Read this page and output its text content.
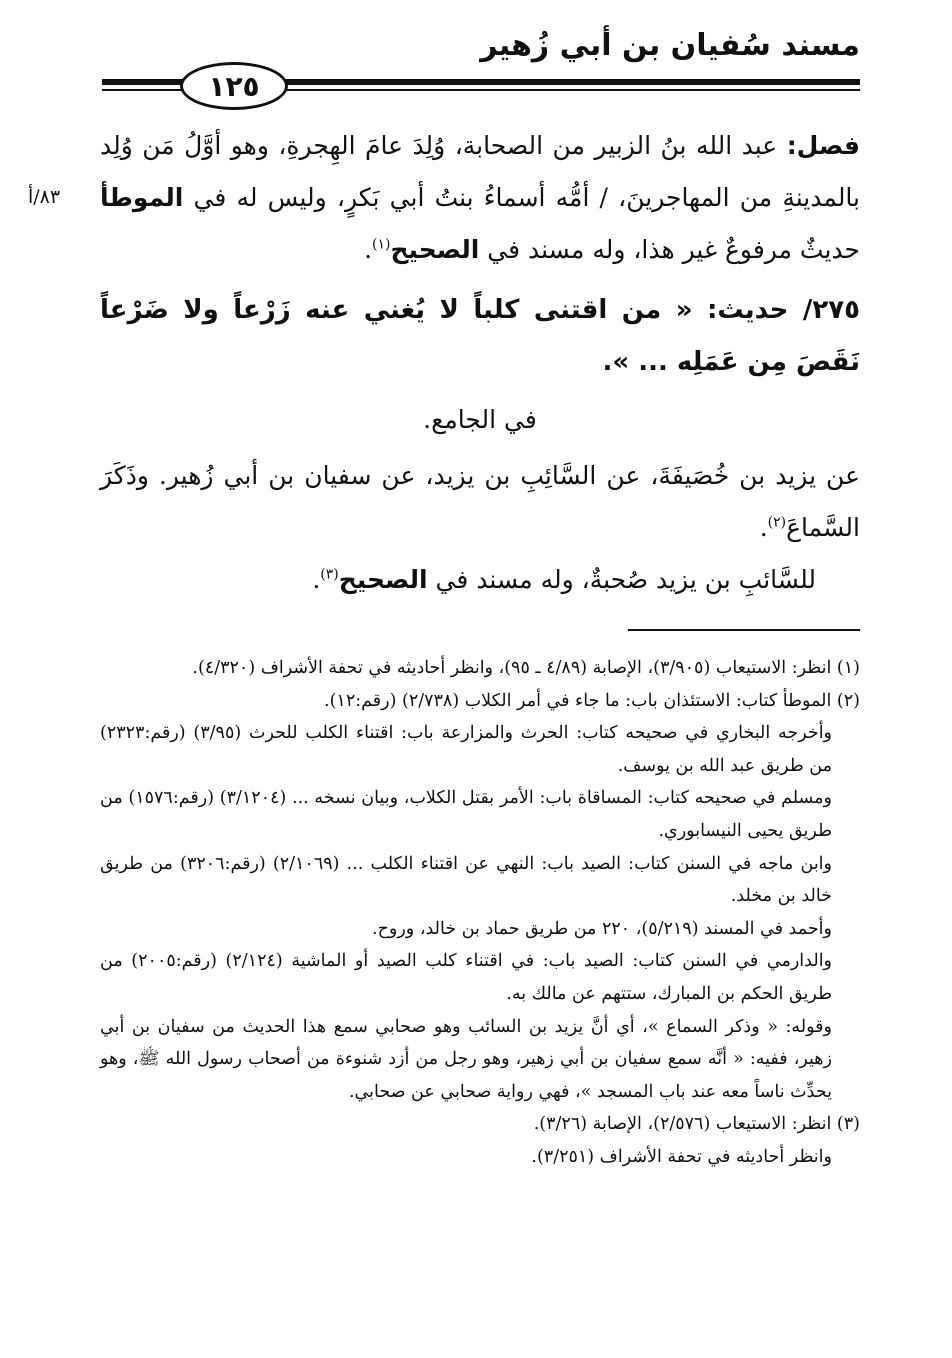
مسند سُفيان بن أبي زُهير
١٢٥
٨٣/أ

فصل: عبد الله بنُ الزبير من الصحابة، وُلِدَ عامَ الهِجرةِ، وهو أوَّلُ مَن وُلِد بالمدينةِ من المهاجرينَ، / أمُّه أسماءُ بنتُ أبي بَكرٍ، وليس له في الموطأ حديثٌ مرفوعٌ غير هذا، وله مسند في الصحيح$^{(١)}$.

٢٧٥/ حديث: « من اقتنى كلباً لا يُغني عنه زَرْعاً ولا ضَرْعاً نَقَصَ مِن عَمَلِه ... ».

في الجامع.

عن يزيد بن خُصَيفَةَ، عن السَّائِبِ بن يزيد، عن سفيان بن أبي زُهير. وذَكَرَ السَّماعَ$^{(٢)}$.

للسَّائبِ بن يزيد صُحبةٌ، وله مسند في الصحيح$^{(٣)}$.

(١) انظر: الاستيعاب (٣/٩٠٥)، الإصابة (٤/٨٩ ـ ٩٥)، وانظر أحاديثه في تحفة الأشراف (٤/٣٢٠).

(٢) الموطأ كتاب: الاستئذان باب: ما جاء في أمر الكلاب (٢/٧٣٨) (رقم:١٢).

وأخرجه البخاري في صحيحه كتاب: الحرث والمزارعة باب: اقتناء الكلب للحرث (٣/٩٥) (رقم:٢٣٢٣) من طريق عبد الله بن يوسف.

ومسلم في صحيحه كتاب: المساقاة باب: الأمر بقتل الكلاب، وبيان نسخه ... (٣/١٢٠٤) (رقم:١٥٧٦) من طريق يحيى النيسابوري.

وابن ماجه في السنن كتاب: الصيد باب: النهي عن اقتناء الكلب ... (٢/١٠٦٩) (رقم:٣٢٠٦) من طريق خالد بن مخلد.

وأحمد في المسند (٥/٢١٩)، ٢٢٠ من طريق حماد بن خالد، وروح.

والدارمي في السنن كتاب: الصيد باب: في اقتناء كلب الصيد أو الماشية (٢/١٢٤) (رقم:٢٠٠٥) من طريق الحكم بن المبارك، ستتهم عن مالك به.

وقوله: « وذكر السماع »، أي أنَّ يزيد بن السائب وهو صحابي سمع هذا الحديث من سفيان بن أبي زهير، ففيه: « أنَّه سمع سفيان بن أبي زهير، وهو رجل من أزد شنوءة من أصحاب رسول الله ﷺ، وهو يحدِّث ناساً معه عند باب المسجد »، فهي رواية صحابي عن صحابي.

(٣) انظر: الاستيعاب (٢/٥٧٦)، الإصابة (٣/٢٦).

وانظر أحاديثه في تحفة الأشراف (٣/٢٥١).
